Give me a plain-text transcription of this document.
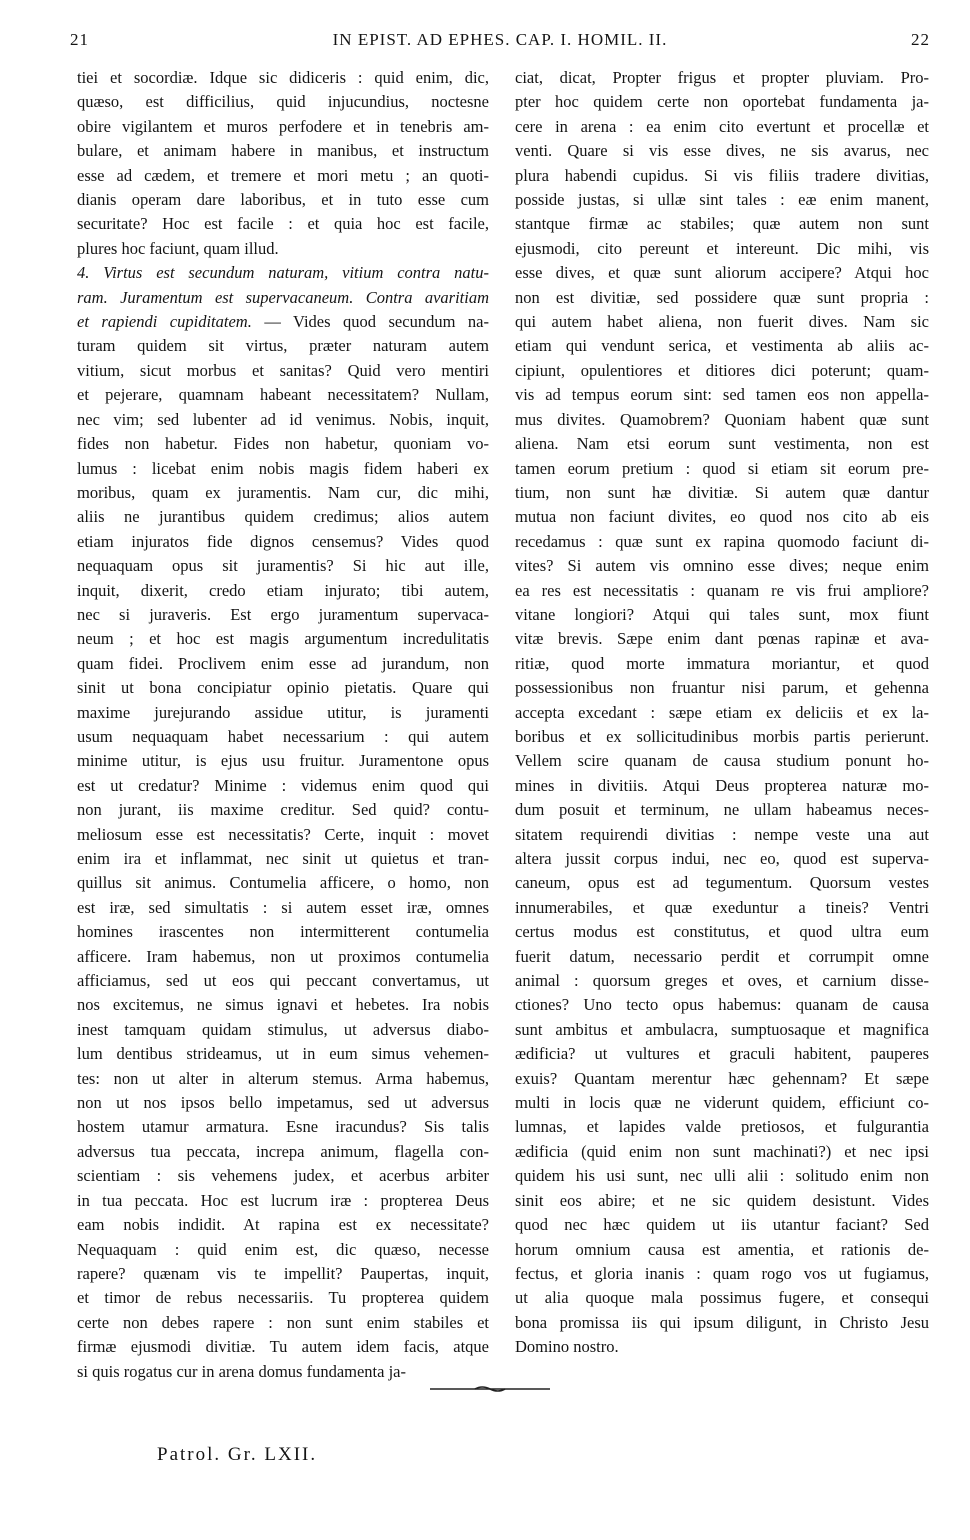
21	IN EPIST. AD EPHES. CAP. I. HOMIL. II.	22
tiei et socordiæ. Idque sic didiceris : quid enim, dic,
quæso, est difficilius, quid injucundius, noctesne
obire vigilantem et muros perfodere et in tenebris am-
bulare, et animam habere in manibus, et instructum
esse ad cædem, et tremere et mori metu ; an quoti-
dianis operam dare laboribus, et in tuto esse cum
securitate? Hoc est facile : et quia hoc est facile,
plures hoc faciunt, quam illud.
4. Virtus est secundum naturam, vitium contra natu-
ram. Juramentum est supervacaneum. Contra avaritiam
et rapiendi cupiditatem. — Vides quod secundum na-
turam quidem sit virtus, præter naturam autem
vitium, sicut morbus et sanitas? Quid vero mentiri
et pejerare, quamnam habeant necessitatem? Nullam,
nec vim; sed lubenter ad id venimus. Nobis, inquit,
fides non habetur. Fides non habetur, quoniam vo-
lumus : licebat enim nobis magis fidem haberi ex
moribus, quam ex juramentis. Nam cur, dic mihi,
aliis ne jurantibus quidem credimus; alios autem
etiam injuratos fide dignos censemus? Vides quod
nequaquam opus sit juramentis? Si hic aut ille,
inquit, dixerit, credo etiam injurato; tibi autem,
nec si juraveris. Est ergo juramentum supervaca-
neum ; et hoc est magis argumentum incredulitatis
quam fidei. Proclivem enim esse ad jurandum, non
sinit ut bona concipiatur opinio pietatis. Quare qui
maxime jurejurando assidue utitur, is juramenti
usum nequaquam habet necessarium : qui autem
minime utitur, is ejus usu fruitur. Juramentone opus
est ut credatur? Minime : videmus enim quod qui
non jurant, iis maxime creditur. Sed quid? contu-
meliosum esse est necessitatis? Certe, inquit : movet
enim ira et inflammat, nec sinit ut quietus et tran-
quillus sit animus. Contumelia afficere, o homo, non
est iræ, sed simultatis : si autem esset iræ, omnes
homines irascentes non intermitterent contumelia
afficere. Iram habemus, non ut proximos contumelia
afficiamus, sed ut eos qui peccant convertamus, ut
nos excitemus, ne simus ignavi et hebetes. Ira nobis
inest tamquam quidam stimulus, ut adversus diabo-
lum dentibus strideamus, ut in eum simus vehemen-
tes: non ut alter in alterum stemus. Arma habemus,
non ut nos ipsos bello impetamus, sed ut adversus
hostem utamur armatura. Esne iracundus? Sis talis
adversus tua peccata, increpa animum, flagella con-
scientiam : sis vehemens judex, et acerbus arbiter
in tua peccata. Hoc est lucrum iræ : propterea Deus
eam nobis indidit. At rapina est ex necessitate?
Nequaquam : quid enim est, dic quæso, necesse
rapere? quænam vis te impellit? Paupertas, inquit,
et timor de rebus necessariis. Tu propterea quidem
certe non debes rapere : non sunt enim stabiles et
firmæ ejusmodi divitiæ. Tu autem idem facis, atque
si quis rogatus cur in arena domus fundamenta ja-
ciat, dicat, Propter frigus et propter pluviam. Pro-
pter hoc quidem certe non oportebat fundamenta ja-
cere in arena : ea enim cito evertunt et procellæ et
venti. Quare si vis esse dives, ne sis avarus, nec
plura habendi cupidus. Si vis filiis tradere divitias,
posside justas, si ullæ sint tales : eæ enim manent,
stantque firmæ ac stabiles; quæ autem non sunt
ejusmodi, cito pereunt et intereunt. Dic mihi, vis
esse dives, et quæ sunt aliorum accipere? Atqui hoc
non est divitiæ, sed possidere quæ sunt propria :
qui autem habet aliena, non fuerit dives. Nam sic
etiam qui vendunt serica, et vestimenta ab aliis ac-
cipiunt, opulentiores et ditiores dici poterunt; quam-
vis ad tempus eorum sint: sed tamen eos non appella-
mus divites. Quamobrem? Quoniam habent quæ sunt
aliena. Nam etsi eorum sunt vestimenta, non est
tamen eorum pretium : quod si etiam sit eorum pre-
tium, non sunt hæ divitiæ. Si autem quæ dantur
mutua non faciunt divites, eo quod nos cito ab eis
recedamus : quæ sunt ex rapina quomodo faciunt di-
vites? Si autem vis omnino esse dives; neque enim
ea res est necessitatis : quanam re vis frui ampliore?
vitane longiori? Atqui qui tales sunt, mox fiunt
vitæ brevis. Sæpe enim dant pœnas rapinæ et ava-
ritiæ, quod morte immatura moriantur, et quod
possessionibus non fruantur nisi parum, et gehenna
accepta excedant : sæpe etiam ex deliciis et ex la-
boribus et ex sollicitudinibus morbis partis perierunt.
Vellem scire quanam de causa studium ponunt ho-
mines in divitiis. Atqui Deus propterea naturæ mo-
dum posuit et terminum, ne ullam habeamus neces-
sitatem requirendi divitias : nempe veste una aut
altera jussit corpus indui, nec eo, quod est superva-
caneum, opus est ad tegumentum. Quorsum vestes
innumerabiles, et quæ exeduntur a tineis? Ventri
certus modus est constitutus, et quod ultra eum
fuerit datum, necessario perdit et corrumpit omne
animal : quorsum greges et oves, et carnium disse-
ctiones? Uno tecto opus habemus: quanam de causa
sunt ambitus et ambulacra, sumptuosaque et magnifica
ædificia? ut vultures et graculi habitent, pauperes
exuis? Quantam merentur hæc gehennam? Et sæpe
multi in locis quæ ne viderunt quidem, efficiunt co-
lumnas, et lapides valde pretiosos, et fulgurantia
ædificia (quid enim non sunt machinati?) et nec ipsi
quidem his usi sunt, nec ulli alii : solitudo enim non
sinit eos abire; et ne sic quidem desistunt. Vides
quod nec hæc quidem ut iis utantur faciant? Sed
horum omnium causa est amentia, et rationis de-
fectus, et gloria inanis : quam rogo vos ut fugiamus,
ut alia quoque mala possimus fugere, et consequi
bona promissa iis qui ipsum diligunt, in Christo Jesu
Domino nostro.
Patrol. Gr. LXII.
